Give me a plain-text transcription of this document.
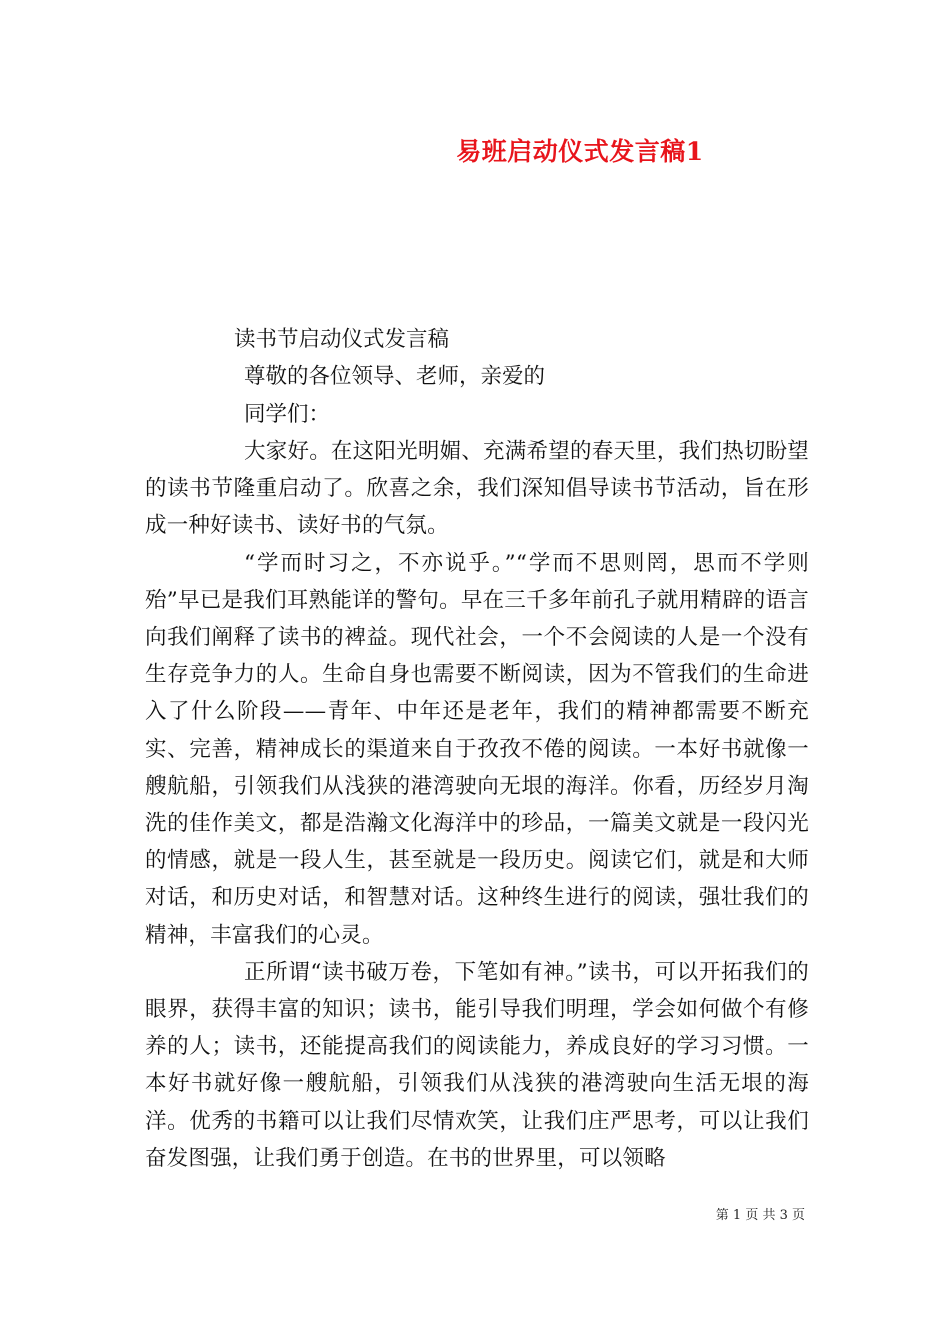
易班启动仪式发言稿1
读书节启动仪式发言稿
尊敬的各位领导、老师，亲爱的
同学们：

大家好。在这阳光明媚、充满希望的春天里，我们热切盼望的读书节隆重启动了。欣喜之余，我们深知倡导读书节活动，旨在形成一种好读书、读好书的气氛。

“学而时习之，不亦说乎。”“学而不思则罔，思而不学则殆”早已是我们耳熟能详的警句。早在三千多年前孔子就用精辟的语言向我们阐释了读书的裨益。现代社会，一个不会阅读的人是一个没有生存竞争力的人。生命自身也需要不断阅读，因为不管我们的生命进入了什么阶段——青年、中年还是老年，我们的精神都需要不断充实、完善，精神成长的渠道来自于孜孜不倦的阅读。一本好书就像一艘航船，引领我们从浅狭的港湾驶向无垠的海洋。你看，历经岁月淘洗的佳作美文，都是浩瀚文化海洋中的珍品，一篇美文就是一段闪光的情感，就是一段人生，甚至就是一段历史。阅读它们，就是和大师对话，和历史对话，和智慧对话。这种终生进行的阅读，强壮我们的精神，丰富我们的心灵。

正所谓“读书破万卷，下笔如有神。”读书，可以开拓我们的眼界，获得丰富的知识；读书，能引导我们明理，学会如何做个有修养的人；读书，还能提高我们的阅读能力，养成良好的学习习惯。一本好书就好像一艘航船，引领我们从浅狭的港湾驶向生活无垠的海洋。优秀的书籍可以让我们尽情欢笑，让我们庄严思考，可以让我们奋发图强，让我们勇于创造。在书的世界里，可以领略

第 1 页 共 3 页
